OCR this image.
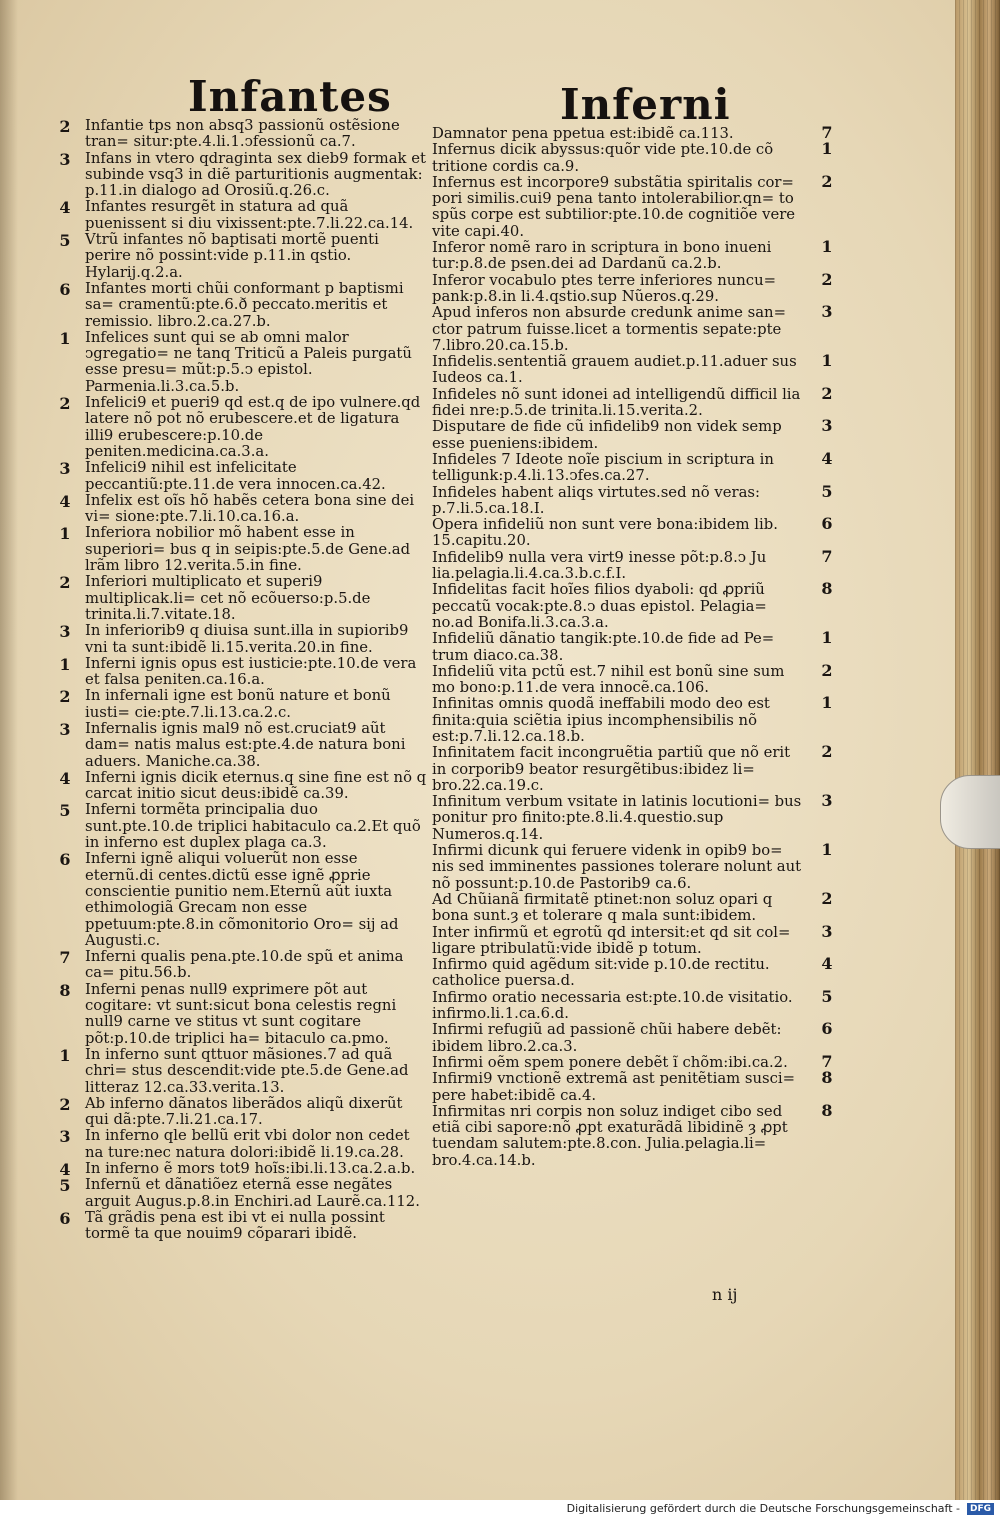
Infantes	Inferni

2 Infantie tps non absq3 passionũ ostẽsione tran= situr:pte.4.li.1.ↄfessionũ ca.7.

3 Infans in vtero qdraginta sex dieb9 formak et subinde vsq3 in diẽ parturitionis augmentak: p.11.in dialogo ad Orosiũ.q.26.c.

4 Infantes resurgẽt in statura ad quã puenissent si diu vixissent:pte.7.li.22.ca.14.

5 Vtrũ infantes nõ baptisati mortẽ puenti perire nõ possint:vide p.11.in qstio. Hylarij.q.2.a.

6 Infantes morti chũi conformant p baptismi sa= cramentũ:pte.6.ð peccato.meritis et remissio. libro.2.ca.27.b.

1 Infelices sunt qui se ab omni malor ↄgregatio= ne tanq Triticũ a Paleis purgatũ esse presu= mũt:p.5.ↄ epistol. Parmenia.li.3.ca.5.b.

2 Infelici9 et pueri9 qd est.q de ipo vulnere.qd latere nõ pot nõ erubescere.et de ligatura illi9 erubescere:p.10.de peniten.medicina.ca.3.a.

3 Infelici9 nihil est infelicitate peccantiũ:pte.11.de vera innocen.ca.42.

4 Infelix est oĩs hõ habẽs cetera bona sine dei vi= sione:pte.7.li.10.ca.16.a.

1 Inferiora nobilior mõ habent esse in superiori= bus q in seipis:pte.5.de Gene.ad lrãm libro 12.verita.5.in fine.

2 Inferiori multiplicato et superi9 multiplicak.li= cet nõ ecõuerso:p.5.de trinita.li.7.vitate.18.

3 In inferiorib9 q diuisa sunt.illa in supiorib9 vni ta sunt:ibidẽ li.15.verita.20.in fine.

1 Inferni ignis opus est iusticie:pte.10.de vera et falsa peniten.ca.16.a.

2 In infernali igne est bonũ nature et bonũ iusti= cie:pte.7.li.13.ca.2.c.

3 Infernalis ignis mal9 nõ est.cruciat9 aũt dam= natis malus est:pte.4.de natura boni aduers. Maniche.ca.38.

4 Inferni ignis dicik eternus.q sine fine est nõ q carcat initio sicut deus:ibidẽ ca.39.

5 Inferni tormẽta principalia duo sunt.pte.10.de triplici habitaculo ca.2.Et quõ in inferno est duplex plaga ca.3.

6 Inferni ignẽ aliqui voluerũt non esse eternũ.di centes.dictũ esse ignẽ ꝓprie conscientie punitio nem.Eternũ aũt iuxta ethimologiã Grecam non esse ppetuum:pte.8.in cõmonitorio Oro= sij ad Augusti.c.

7 Inferni qualis pena.pte.10.de spũ et anima ca= pitu.56.b.

8 Inferni penas null9 exprimere põt aut cogitare: vt sunt:sicut bona celestis regni null9 carne ve stitus vt sunt cogitare põt:p.10.de triplici ha= bitaculo ca.pmo.

1 In inferno sunt qttuor mãsiones.7 ad quã chri= stus descendit:vide pte.5.de Gene.ad litteraz 12.ca.33.verita.13.

2 Ab inferno dãnatos liberãdos aliqũ dixerũt qui dã:pte.7.li.21.ca.17.

3 In inferno qle bellũ erit vbi dolor non cedet na ture:nec natura dolori:ibidẽ li.19.ca.28.

4 In inferno ẽ mors tot9 hoĩs:ibi.li.13.ca.2.a.b.

5 Infernũ et dãnatiõez eternã esse negãtes arguit Augus.p.8.in Enchiri.ad Laurẽ.ca.112.

6 Tã grãdis pena est ibi vt ei nulla possint tormẽ ta que nouim9 cõparari ibidẽ.

7
Damnator pena ppetua est:ibidẽ ca.113.

1
Infernus dicik abyssus:quõr vide pte.10.de cõ tritione cordis ca.9.

2
Infernus est incorpore9 substãtia spiritalis cor= pori similis.cui9 pena tanto intolerabilior.qn= to spũs corpe est subtilior:pte.10.de cognitiõe vere vite capi.40.

1
Inferor nomẽ raro in scriptura in bono inueni tur:p.8.de psen.dei ad Dardanũ ca.2.b.

2
Inferor vocabulo ptes terre inferiores nuncu= pank:p.8.in li.4.qstio.sup Nũeros.q.29.

3
Apud inferos non absurde credunk anime san= ctor patrum fuisse.licet a tormentis sepate:pte 7.libro.20.ca.15.b.

1
Infidelis.sententiã grauem audiet.p.11.aduer sus Iudeos ca.1.

2
Infideles nõ sunt idonei ad intelligendũ difficil lia fidei nre:p.5.de trinita.li.15.verita.2.

3
Disputare de fide cũ infidelib9 non videk semp esse pueniens:ibidem.

4
Infideles 7 Ideote noĩe piscium in scriptura in telligunk:p.4.li.13.ↄfes.ca.27.

5
Infideles habent aliqs virtutes.sed nõ veras: p.7.li.5.ca.18.I.

6
Opera infideliũ non sunt vere bona:ibidem lib. 15.capitu.20.

7
Infidelib9 nulla vera virt9 inesse põt:p.8.ↄ Ju lia.pelagia.li.4.ca.3.b.c.f.I.

8
Infidelitas facit hoĩes filios dyaboli: qd ꝓpriũ peccatũ vocak:pte.8.ↄ duas epistol. Pelagia= no.ad Bonifa.li.3.ca.3.a.

1
Infideliũ dãnatio tangik:pte.10.de fide ad Pe= trum diaco.ca.38.

2
Infideliũ vita pctũ est.7 nihil est bonũ sine sum mo bono:p.11.de vera innocẽ.ca.106.

1
Infinitas omnis quodã ineffabili modo deo est finita:quia sciẽtia ipius incomphensibilis nõ est:p.7.li.12.ca.18.b.

2
Infinitatem facit incongruẽtia partiũ que nõ erit in corporib9 beator resurgẽtibus:ibidez li= bro.22.ca.19.c.

3
Infinitum verbum vsitate in latinis locutioni= bus ponitur pro finito:pte.8.li.4.questio.sup Numeros.q.14.

1
Infirmi dicunk qui feruere videnk in opib9 bo= nis sed imminentes passiones tolerare nolunt aut nõ possunt:p.10.de Pastorib9 ca.6.

2
Ad Chũianã firmitatẽ ptinet:non soluz opari q bona sunt.ȝ et tolerare q mala sunt:ibidem.

3
Inter infirmũ et egrotũ qd intersit:et qd sit col= ligare ptribulatũ:vide ibidẽ p totum.

4
Infirmo quid agẽdum sit:vide p.10.de rectitu. catholice puersa.d.

5
Infirmo oratio necessaria est:pte.10.de visitatio. infirmo.li.1.ca.6.d.

6
Infirmi refugiũ ad passionẽ chũi habere debẽt: ibidem libro.2.ca.3.

7
Infirmi oẽm spem ponere debẽt ĩ chõm:ibi.ca.2.

8
Infirmi9 vnctionẽ extremã ast penitẽtiam susci= pere habet:ibidẽ ca.4.

8
Infirmitas nri corpis non soluz indiget cibo sed etiã cibi sapore:nõ ꝓpt exaturãdã libidinẽ ȝ ꝓpt tuendam salutem:pte.8.con. Julia.pelagia.li= bro.4.ca.14.b.

n ij
Digitalisierung gefördert durch die Deutsche Forschungsgemeinschaft -	DFG
